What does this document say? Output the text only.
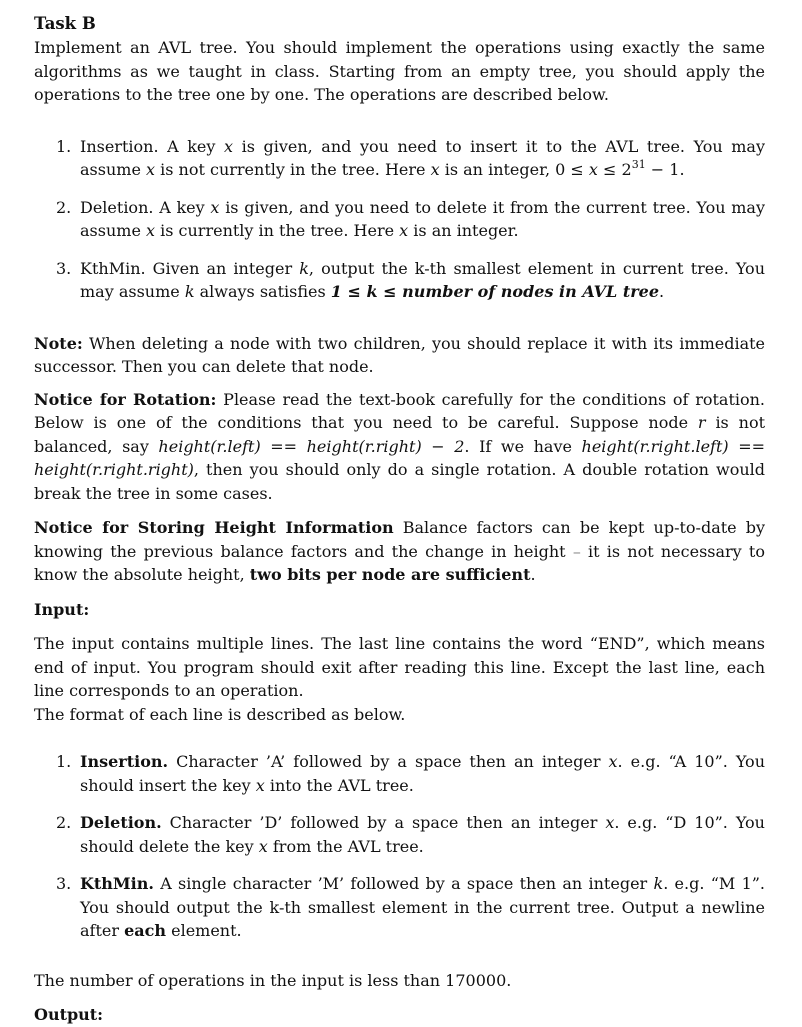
Task B

Implement an AVL tree. You should implement the operations using exactly the same algorithms as we taught in class. Starting from an empty tree, you should apply the operations to the tree one by one. The operations are described below.

1. Insertion. A key x is given, and you need to insert it to the AVL tree. You may assume x is not currently in the tree. Here x is an integer, $0 \le x \le 2^{31} - 1$.
2. Deletion. A key x is given, and you need to delete it from the current tree. You may assume x is currently in the tree. Here x is an integer.
3. KthMin. Given an integer k, output the k-th smallest element in current tree. You may assume k always satisfies 1 ≤ k ≤ number of nodes in AVL tree.

Note: When deleting a node with two children, you should replace it with its immediate successor. Then you can delete that node.

Notice for Rotation: Please read the text-book carefully for the conditions of rotation. Below is one of the conditions that you need to be careful. Suppose node r is not balanced, say height(r.left) == height(r.right) − 2. If we have height(r.right.left) == height(r.right.right), then you should only do a single rotation. A double rotation would break the tree in some cases.

Notice for Storing Height Information Balance factors can be kept up-to-date by knowing the previous balance factors and the change in height – it is not necessary to know the absolute height, two bits per node are sufficient.

Input:

The input contains multiple lines. The last line contains the word “END”, which means end of input. You program should exit after reading this line. Except the last line, each line corresponds to an operation.

The format of each line is described as below.

1. Insertion. Character ’A’ followed by a space then an integer x. e.g. “A 10”. You should insert the key x into the AVL tree.
2. Deletion. Character ’D’ followed by a space then an integer x. e.g. “D 10”. You should delete the key x from the AVL tree.
3. KthMin. A single character ’M’ followed by a space then an integer k. e.g. “M 1”. You should output the k-th smallest element in the current tree. Output a newline after each element.

The number of operations in the input is less than 170000.

Output:
